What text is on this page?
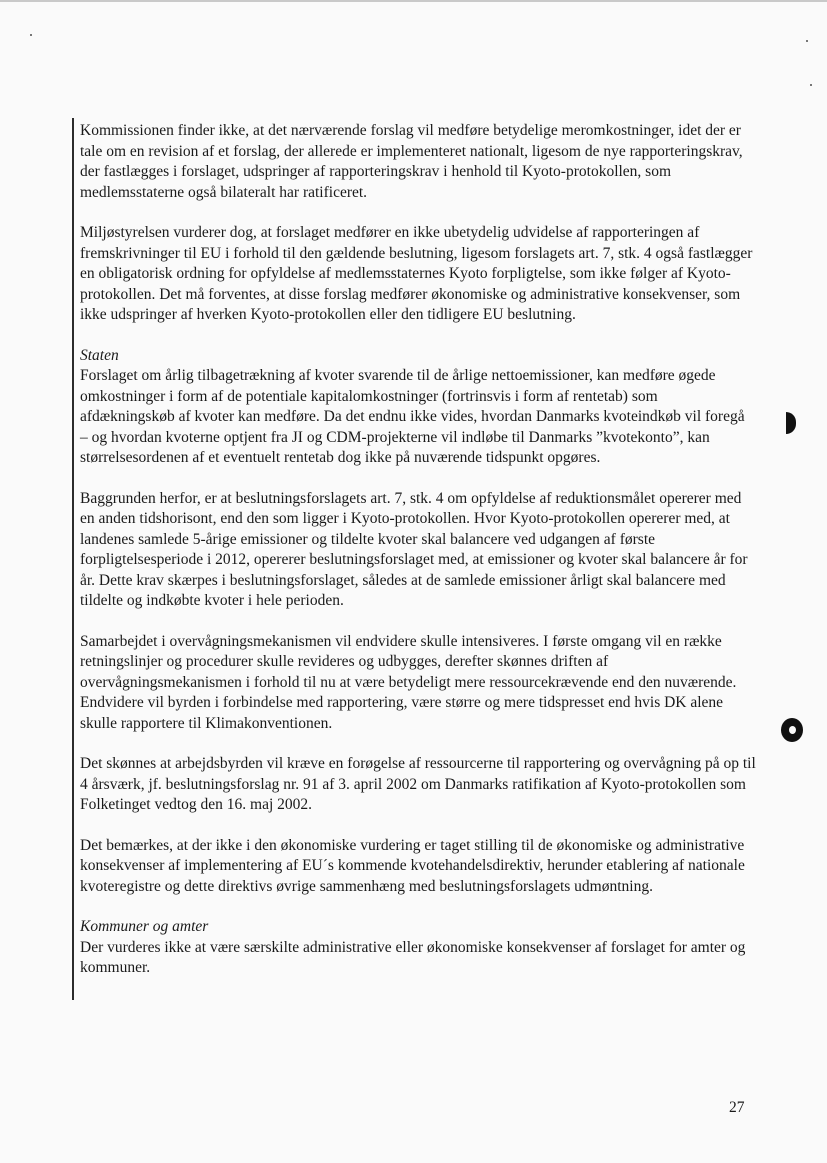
Kommissionen finder ikke, at det nærværende forslag vil medføre betydelige meromkostninger, idet der er tale om en revision af et forslag, der allerede er implementeret nationalt, ligesom de nye rapporteringskrav, der fastlægges i forslaget, udspringer af rapporteringskrav i henhold til Kyoto-protokollen, som medlemsstaterne også bilateralt har ratificeret.

Miljøstyrelsen vurderer dog, at forslaget medfører en ikke ubetydelig udvidelse af rapporteringen af fremskrivninger til EU i forhold til den gældende beslutning, ligesom forslagets art. 7, stk. 4 også fastlægger en obligatorisk ordning for opfyldelse af medlemsstaternes Kyoto forpligtelse, som ikke følger af Kyoto-protokollen. Det må forventes, at disse forslag medfører økonomiske og administrative konsekvenser, som ikke udspringer af hverken Kyoto-protokollen eller den tidligere EU beslutning.

Staten
Forslaget om årlig tilbagetrækning af kvoter svarende til de årlige nettoemissioner, kan medføre øgede omkostninger i form af de potentiale kapitalomkostninger (fortrinsvis i form af rentetab) som afdækningskøb af kvoter kan medføre. Da det endnu ikke vides, hvordan Danmarks kvoteindkøb vil foregå – og hvordan kvoterne optjent fra JI og CDM-projekterne vil indløbe til Danmarks ”kvotekonto”, kan størrelsesordenen af et eventuelt rentetab dog ikke på nuværende tidspunkt opgøres.

Baggrunden herfor, er at beslutningsforslagets art. 7, stk. 4 om opfyldelse af reduktionsmålet opererer med en anden tidshorisont, end den som ligger i Kyoto-protokollen. Hvor Kyoto-protokollen opererer med, at landenes samlede 5-årige emissioner og tildelte kvoter skal balancere ved udgangen af første forpligtelsesperiode i 2012, opererer beslutningsforslaget med, at emissioner og kvoter skal balancere år for år. Dette krav skærpes i beslutningsforslaget, således at de samlede emissioner årligt skal balancere med tildelte og indkøbte kvoter i hele perioden.

Samarbejdet i overvågningsmekanismen vil endvidere skulle intensiveres. I første omgang vil en række retningslinjer og procedurer skulle revideres og udbygges, derefter skønnes driften af overvågningsmekanismen i forhold til nu at være betydeligt mere ressourcekrævende end den nuværende. Endvidere vil byrden i forbindelse med rapportering, være større og mere tidspresset end hvis DK alene skulle rapportere til Klimakonventionen.

Det skønnes at arbejdsbyrden vil kræve en forøgelse af ressourcerne til rapportering og overvågning på op til 4 årsværk, jf. beslutningsforslag nr. 91 af 3. april 2002 om Danmarks ratifikation af Kyoto-protokollen som Folketinget vedtog den 16. maj 2002.

Det bemærkes, at der ikke i den økonomiske vurdering er taget stilling til de økonomiske og administrative konsekvenser af implementering af EU´s kommende kvotehandelsdirektiv, herunder etablering af nationale kvoteregistre og dette direktivs øvrige sammenhæng med beslutningsforslagets udmøntning.

Kommuner og amter
Der vurderes ikke at være særskilte administrative eller økonomiske konsekvenser af forslaget for amter og kommuner.

27
